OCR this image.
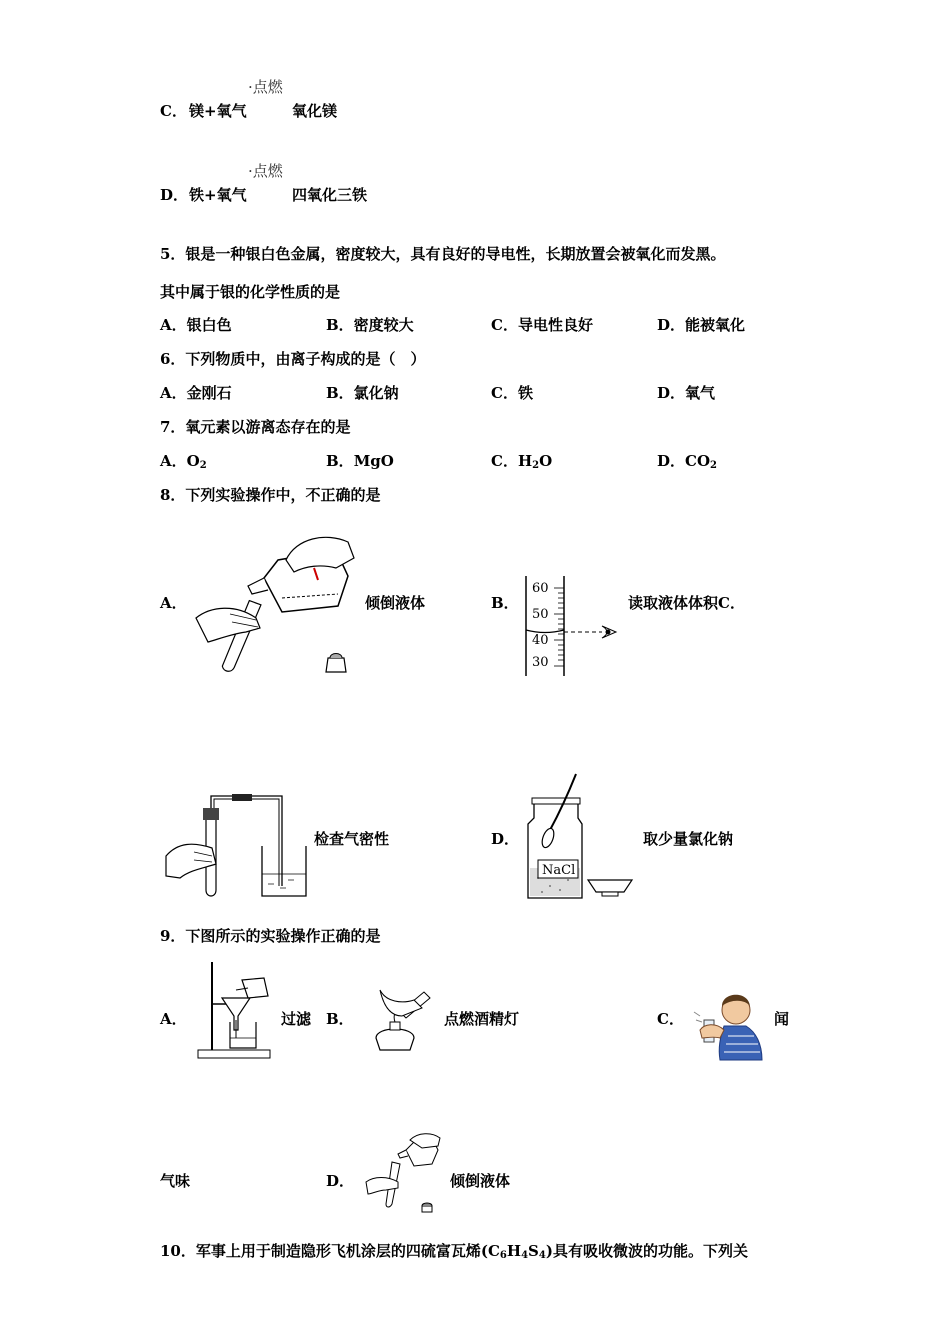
·点燃
C． 镁+氧气	氧化镁
·点燃
D． 铁+氧气	四氧化三铁
5．银是一种银白色金属，密度较大，具有良好的导电性，长期放置会被氧化而发黑。
其中属于银的化学性质的是
A．银白色	B．密度较大	C．导电性良好	D．能被氧化
6．下列物质中，由离子构成的是（　）
A．金刚石	B．氯化钠	C．铁	D．氧气
7．氧元素以游离态存在的是
A．$O_2$	B．MgO	C．$H_2O$	D．$CO_2$
8．下列实验操作中，不正确的是
A．	倾倒液体	B．
60
50
40
30
读取液体体积C．
检查气密性	D．
NaCl
取少量氯化钠
9．下图所示的实验操作正确的是
A．	过滤 B．	点燃酒精灯	C．	闻
气味	D．	倾倒液体
10．军事上用于制造隐形飞机涂层的四硫富瓦烯$(C_6H_4S_4)$具有吸收微波的功能。下列关
